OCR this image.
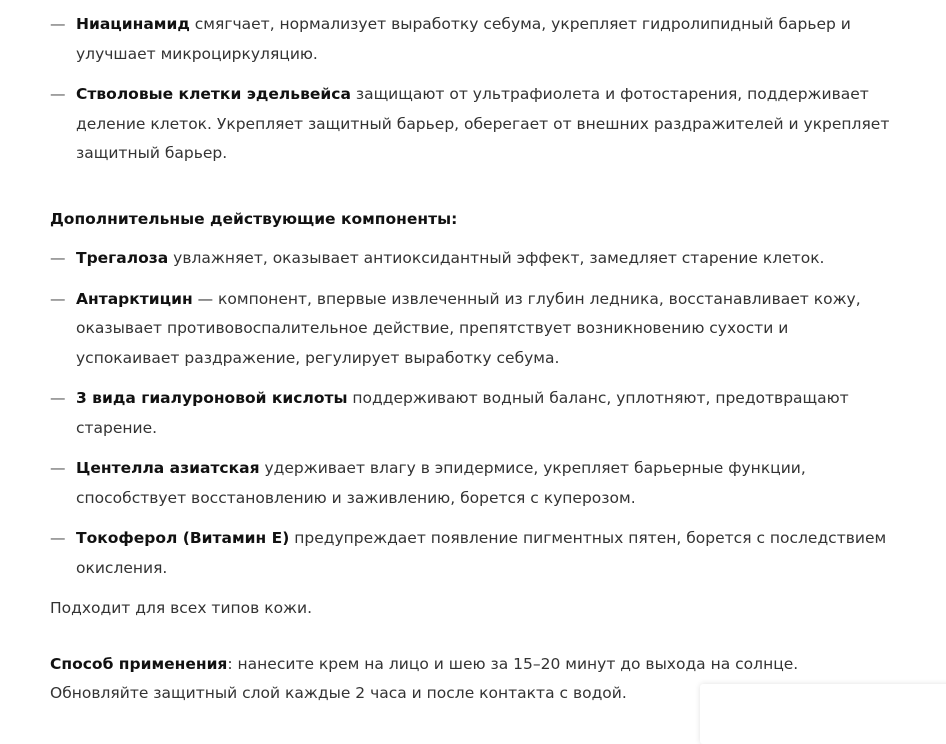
— Ниацинамид смягчает, нормализует выработку себума, укрепляет гидролипидный барьер и улучшает микроциркуляцию.
— Стволовые клетки эдельвейса защищают от ультрафиолета и фотостарения, поддерживает деление клеток. Укрепляет защитный барьер, оберегает от внешних раздражителей и укрепляет защитный барьер.
Дополнительные действующие компоненты:
— Трегалоза увлажняет, оказывает антиоксидантный эффект, замедляет старение клеток.
— Антарктицин — компонент, впервые извлеченный из глубин ледника, восстанавливает кожу, оказывает противовоспалительное действие, препятствует возникновению сухости и успокаивает раздражение, регулирует выработку себума.
— 3 вида гиалуроновой кислоты поддерживают водный баланс, уплотняют, предотвращают старение.
— Центелла азиатская удерживает влагу в эпидермисе, укрепляет барьерные функции, способствует восстановлению и заживлению, борется с куперозом.
— Токоферол (Витамин Е) предупреждает появление пигментных пятен, борется с последствием окисления.

Подходит для всех типов кожи.

Способ применения: нанесите крем на лицо и шею за 15–20 минут до выхода на солнце. Обновляйте защитный слой каждые 2 часа и после контакта с водой.
